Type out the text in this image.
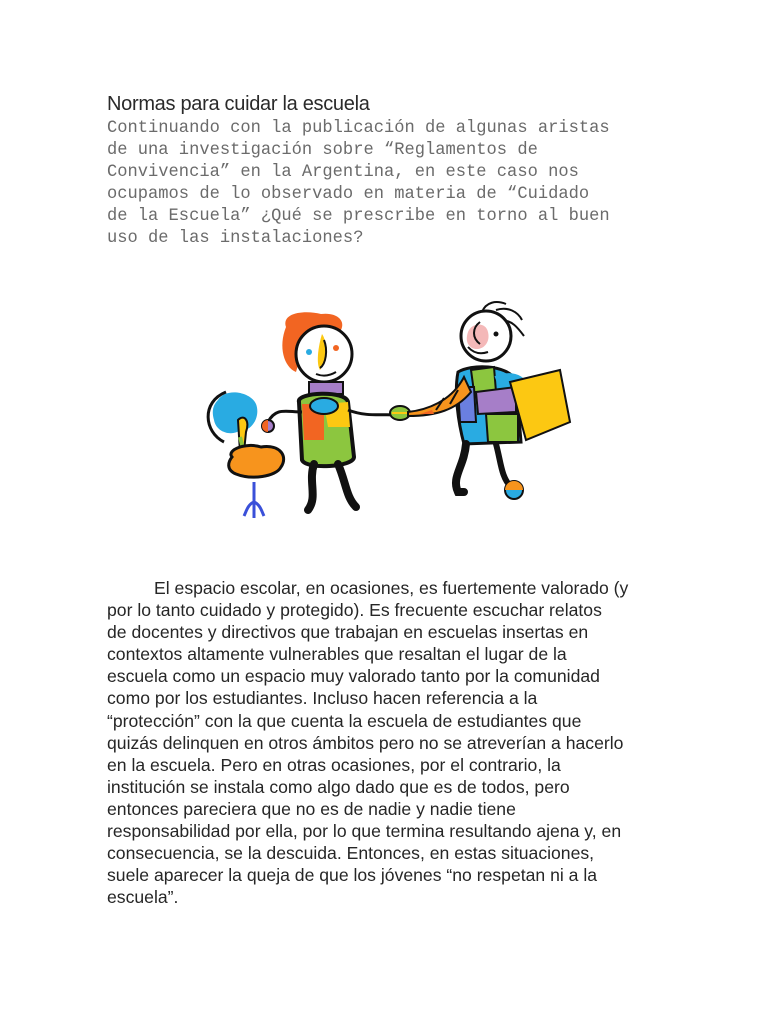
Normas para cuidar la escuela
Continuando con la publicación de algunas aristas
de una investigación sobre “Reglamentos de
Convivencia” en la Argentina, en este caso nos
ocupamos de lo observado en materia de “Cuidado
de la Escuela” ¿Qué se prescribe en torno al buen
uso de las instalaciones?
El espacio escolar, en ocasiones, es fuertemente valorado (y
por lo tanto cuidado y protegido). Es frecuente escuchar relatos
de docentes y directivos que trabajan en escuelas insertas en
contextos altamente vulnerables que resaltan el lugar de la
escuela como un espacio muy valorado tanto por la comunidad
como por los estudiantes. Incluso hacen referencia a la
“protección” con la que cuenta la escuela de estudiantes que
quizás delinquen en otros ámbitos pero no se atreverían a hacerlo
en la escuela. Pero en otras ocasiones, por el contrario, la
institución se instala como algo dado que es de todos, pero
entonces pareciera que no es de nadie y nadie tiene
responsabilidad por ella, por lo que termina resultando ajena y, en
consecuencia, se la descuida. Entonces, en estas situaciones,
suele aparecer la queja de que los jóvenes “no respetan ni a la
escuela”.
